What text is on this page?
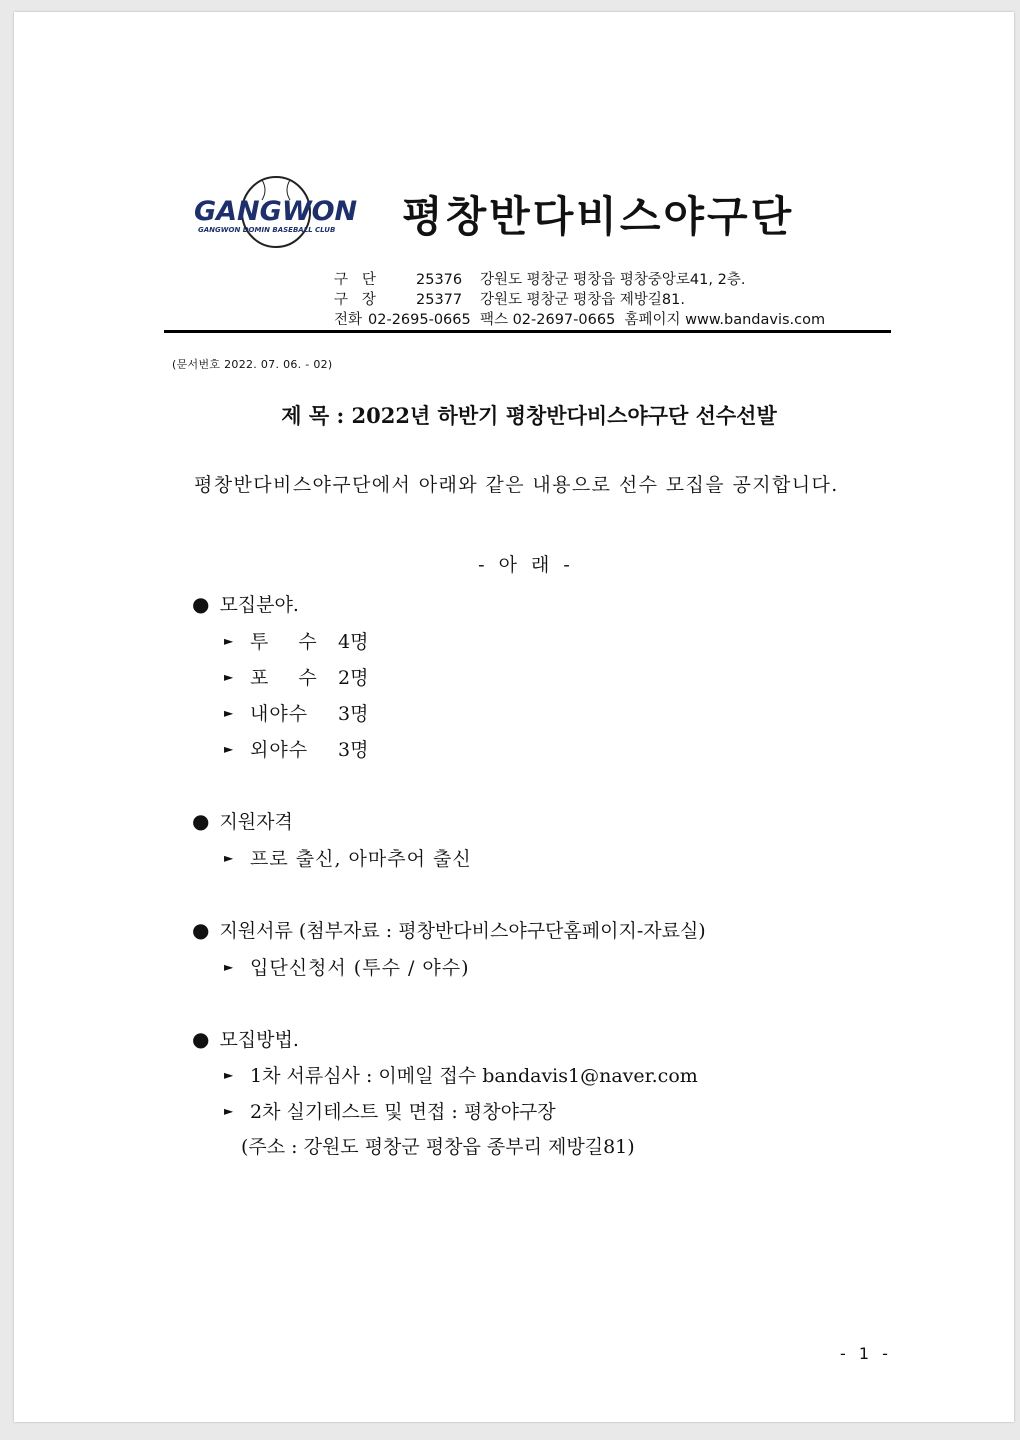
GANGWON
GANGWON DOMIN BASEBALL CLUB 평창반다비스야구단
구   단	25376	강원도 평창군 평창읍 평창중앙로41, 2층.
구   장	25377	강원도 평창군 평창읍 제방길81.
전화 02-2695-0665  팩스 02-2697-0665  홈페이지 www.bandavis.com
(문서번호 2022. 07. 06. - 02)
제 목 : 2022년 하반기 평창반다비스야구단 선수선발
평창반다비스야구단에서 아래와 같은 내용으로 선수 모집을 공지합니다.
- 아 래 -
● 모집분야.
► 투 수 4명
► 포 수 2명
► 내야수	3명
► 외야수	3명
● 지원자격
► 프로 출신, 아마추어 출신
● 지원서류 (첨부자료 : 평창반다비스야구단홈페이지-자료실)
► 입단신청서 (투수 / 야수)
● 모집방법.
► 1차 서류심사 : 이메일 접수 bandavis1@naver.com
► 2차 실기테스트 및 면접 : 평창야구장
(주소 : 강원도 평창군 평창읍 종부리 제방길81)
- 1 -
